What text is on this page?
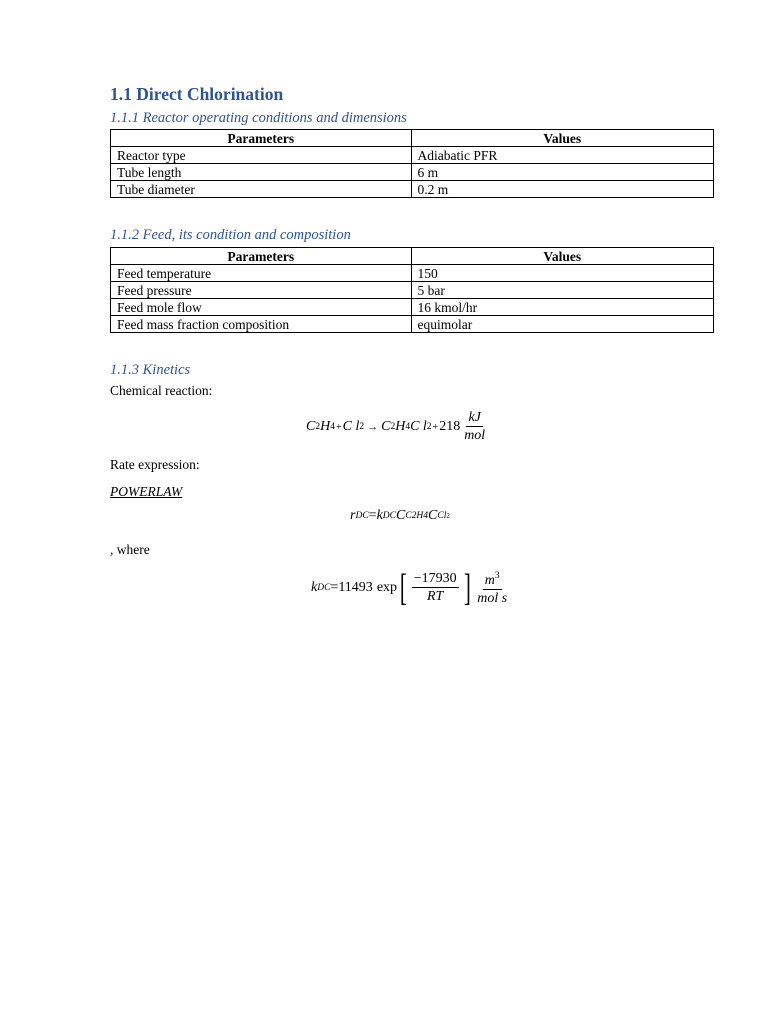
1.1 Direct Chlorination
1.1.1 Reactor operating conditions and dimensions
Parameters	Values
Reactor type	Adiabatic PFR
Tube length	6 m
Tube diameter	0.2 m
1.1.2 Feed, its condition and composition
Parameters	Values
Feed temperature	150
Feed pressure	5 bar
Feed mole flow	16 kmol/hr
Feed mass fraction composition	equimolar
1.1.3 Kinetics
Chemical reaction:
C 2 H 4 + C l 2 → C 2 H 4 C l $2 + 218 \frac{kJ}{\text{mol}}$
Rate expression:
POWERLAW
r DC = k DC C C2H4 C Cl 2
, where
k DC =11493 exp [ $\frac{-17930}{RT}$ ] $\frac{m^3}{\text{mol s}}$
